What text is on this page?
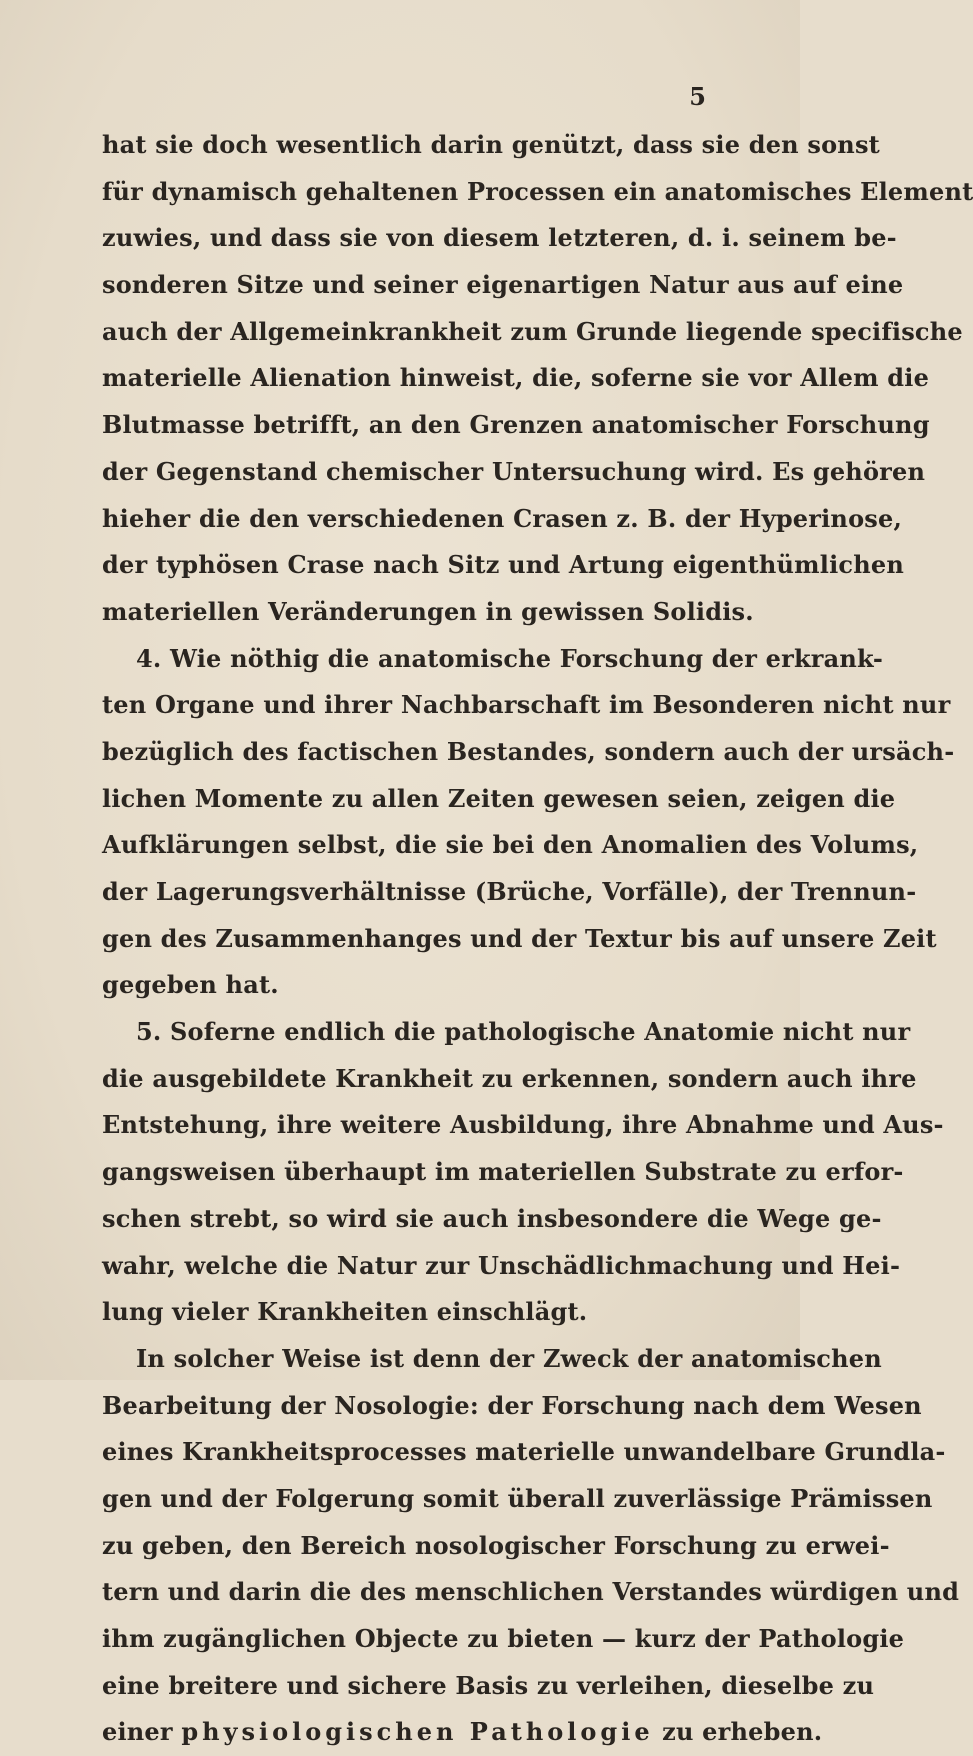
5
hat sie doch wesentlich darin genützt, dass sie den sonst
für dynamisch gehaltenen Processen ein anatomisches Element
zuwies, und dass sie von diesem letzteren, d. i. seinem be-
sonderen Sitze und seiner eigenartigen Natur aus auf eine
auch der Allgemeinkrankheit zum Grunde liegende specifische
materielle Alienation hinweist, die, soferne sie vor Allem die
Blutmasse betrifft, an den Grenzen anatomischer Forschung
der Gegenstand chemischer Untersuchung wird. Es gehören
hieher die den verschiedenen Crasen z. B. der Hyperinose,
der typhösen Crase nach Sitz und Artung eigenthümlichen
materiellen Veränderungen in gewissen Solidis.
4. Wie nöthig die anatomische Forschung der erkrank-
ten Organe und ihrer Nachbarschaft im Besonderen nicht nur
bezüglich des factischen Bestandes, sondern auch der ursäch-
lichen Momente zu allen Zeiten gewesen seien, zeigen die
Aufklärungen selbst, die sie bei den Anomalien des Volums,
der Lagerungsverhältnisse (Brüche, Vorfälle), der Trennun-
gen des Zusammenhanges und der Textur bis auf unsere Zeit
gegeben hat.
5. Soferne endlich die pathologische Anatomie nicht nur
die ausgebildete Krankheit zu erkennen, sondern auch ihre
Entstehung, ihre weitere Ausbildung, ihre Abnahme und Aus-
gangsweisen überhaupt im materiellen Substrate zu erfor-
schen strebt, so wird sie auch insbesondere die Wege ge-
wahr, welche die Natur zur Unschädlichmachung und Hei-
lung vieler Krankheiten einschlägt.
In solcher Weise ist denn der Zweck der anatomischen
Bearbeitung der Nosologie: der Forschung nach dem Wesen
eines Krankheitsprocesses materielle unwandelbare Grundla-
gen und der Folgerung somit überall zuverlässige Prämissen
zu geben, den Bereich nosologischer Forschung zu erwei-
tern und darin die des menschlichen Verstandes würdigen und
ihm zugänglichen Objecte zu bieten — kurz der Pathologie
eine breitere und sichere Basis zu verleihen, dieselbe zu
einer physiologischen Pathologie zu erheben.
